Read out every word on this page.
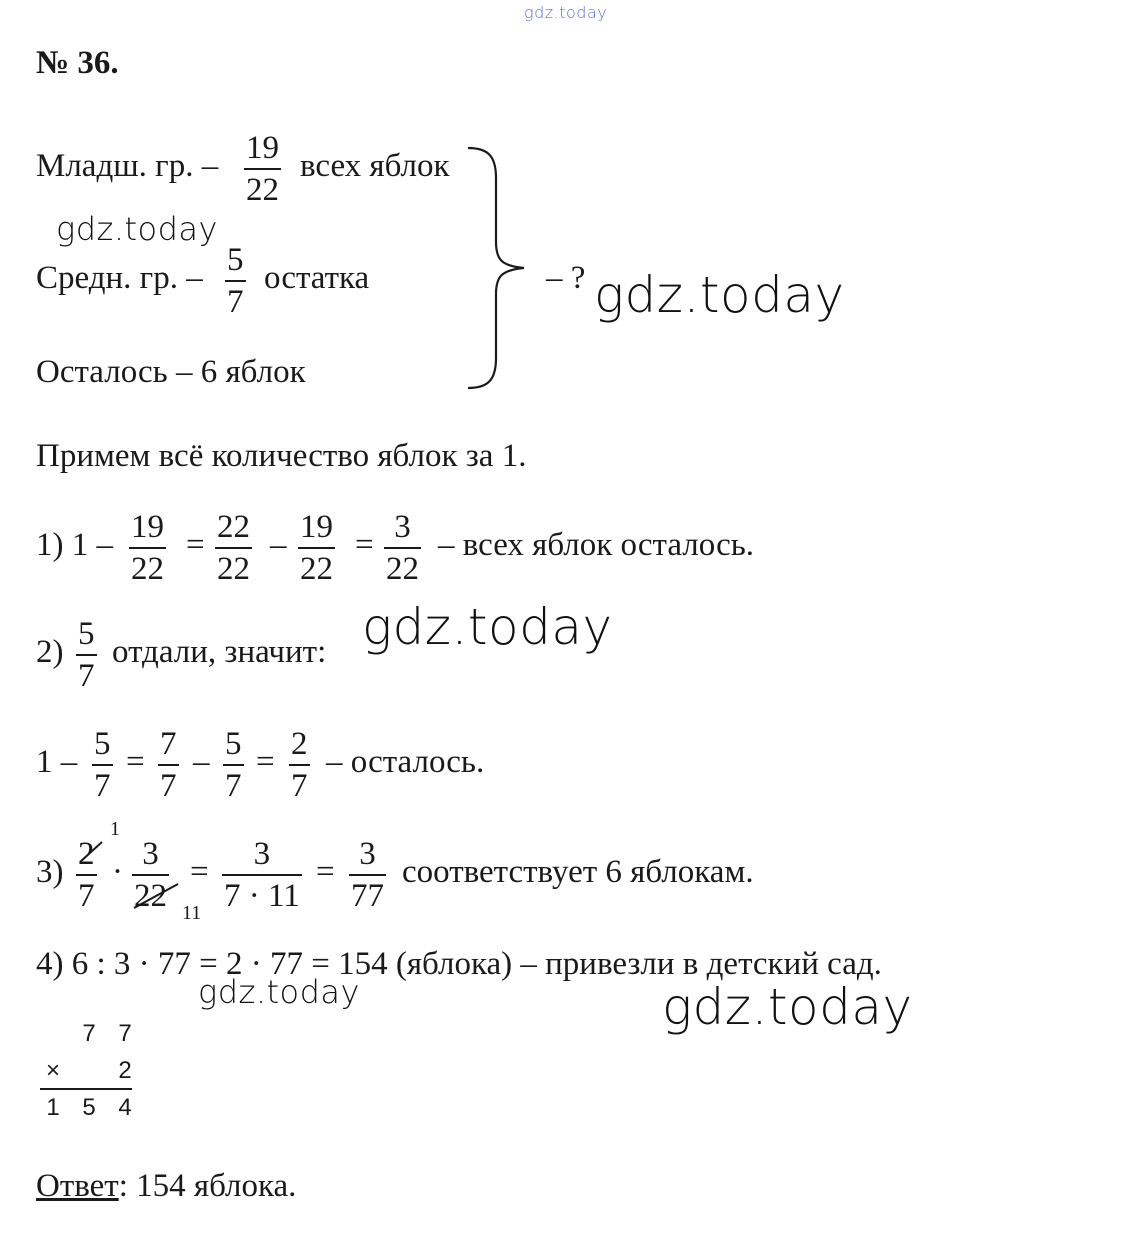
gdz.today
№ 36.
Младш. гр. – 19
22
всех яблок
gdz.today
Средн. гр. – 5
7
остатка
Осталось – 6 яблок
– ? gdz.today
Примем всё количество яблок за 1.
1) 1 – 19
22
= 22
22
– 19
22
= 3
22
– всех яблок осталось.
2) 5
7
отдали, значит: gdz.today
1 – 5
7
= 7
7
– 5
7
= 2
7
– осталось.
3) 2
7
1
· 3
22 11
= 3
7 · 11
= 3
77
соответствует 6 яблокам.
4) 6 : 3 · 77 = 2 · 77 = 154 (яблока) – привезли в детский сад.
gdz.today	gdz.today
7 7
× 2
1 5 4
Ответ: 154 яблока.
